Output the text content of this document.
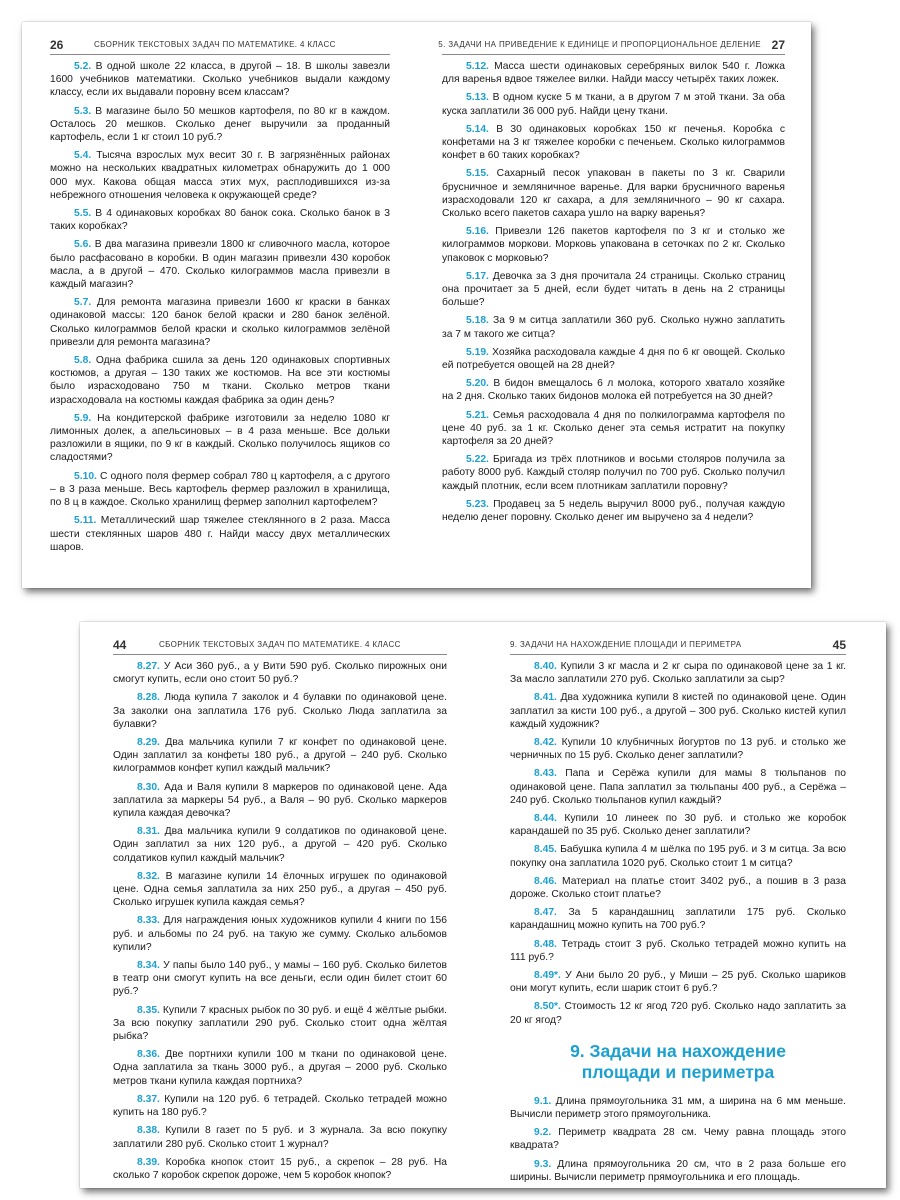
26	СБОРНИК ТЕКСТОВЫХ ЗАДАЧ ПО МАТЕМАТИКЕ. 4 КЛАСС

5.2. В одной школе 22 класса, в другой – 18. В школы завезли 1600 учебников математики. Сколько учебников выдали каждому классу, если их выдавали поровну всем классам?

5.3. В магазине было 50 мешков картофеля, по 80 кг в каждом. Осталось 20 мешков. Сколько денег выручили за проданный картофель, если 1 кг стоил 10 руб.?

5.4. Тысяча взрослых мух весит 30 г. В загрязнённых районах можно на нескольких квадратных километрах обнаружить до 1 000 000 мух. Какова общая масса этих мух, расплодившихся из-за небрежного отношения человека к окружающей среде?

5.5. В 4 одинаковых коробках 80 банок сока. Сколько банок в 3 таких коробках?

5.6. В два магазина привезли 1800 кг сливочного масла, которое было расфасовано в коробки. В один магазин привезли 430 коробок масла, а в другой – 470. Сколько килограммов масла привезли в каждый магазин?

5.7. Для ремонта магазина привезли 1600 кг краски в банках одинаковой массы: 120 банок белой краски и 280 банок зелёной. Сколько килограммов белой краски и сколько килограммов зелёной привезли для ремонта магазина?

5.8. Одна фабрика сшила за день 120 одинаковых спортивных костюмов, а другая – 130 таких же костюмов. На все эти костюмы было израсходовано 750 м ткани. Сколько метров ткани израсходовала на костюмы каждая фабрика за один день?

5.9. На кондитерской фабрике изготовили за неделю 1080 кг лимонных долек, а апельсиновых – в 4 раза меньше. Все дольки разложили в ящики, по 9 кг в каждый. Сколько получилось ящиков со сладостями?

5.10. С одного поля фермер собрал 780 ц картофеля, а с другого – в 3 раза меньше. Весь картофель фермер разложил в хранилища, по 8 ц в каждое. Сколько хранилищ фермер заполнил картофелем?

5.11. Металлический шар тяжелее стеклянного в 2 раза. Масса шести стеклянных шаров 480 г. Найди массу двух металлических шаров.

5. ЗАДАЧИ НА ПРИВЕДЕНИЕ К ЕДИНИЦЕ И ПРОПОРЦИОНАЛЬНОЕ ДЕЛЕНИЕ 27

5.12. Масса шести одинаковых серебряных вилок 540 г. Ложка для варенья вдвое тяжелее вилки. Найди массу четырёх таких ложек.

5.13. В одном куске 5 м ткани, а в другом 7 м этой ткани. За оба куска заплатили 36 000 руб. Найди цену ткани.

5.14. В 30 одинаковых коробках 150 кг печенья. Коробка с конфетами на 3 кг тяжелее коробки с печеньем. Сколько килограммов конфет в 60 таких коробках?

5.15. Сахарный песок упакован в пакеты по 3 кг. Сварили брусничное и земляничное варенье. Для варки брусничного варенья израсходовали 120 кг сахара, а для земляничного – 90 кг сахара. Сколько всего пакетов сахара ушло на варку варенья?

5.16. Привезли 126 пакетов картофеля по 3 кг и столько же килограммов моркови. Морковь упакована в сеточках по 2 кг. Сколько упаковок с морковью?

5.17. Девочка за 3 дня прочитала 24 страницы. Сколько страниц она прочитает за 5 дней, если будет читать в день на 2 страницы больше?

5.18. За 9 м ситца заплатили 360 руб. Сколько нужно заплатить за 7 м такого же ситца?

5.19. Хозяйка расходовала каждые 4 дня по 6 кг овощей. Сколько ей потребуется овощей на 28 дней?

5.20. В бидон вмещалось 6 л молока, которого хватало хозяйке на 2 дня. Сколько таких бидонов молока ей потребуется на 30 дней?

5.21. Семья расходовала 4 дня по полкилограмма картофеля по цене 40 руб. за 1 кг. Сколько денег эта семья истратит на покупку картофеля за 20 дней?

5.22. Бригада из трёх плотников и восьми столяров получила за работу 8000 руб. Каждый столяр получил по 700 руб. Сколько получил каждый плотник, если всем плотникам заплатили поровну?

5.23. Продавец за 5 недель выручил 8000 руб., получая каждую неделю денег поровну. Сколько денег им выручено за 4 недели?

44	СБОРНИК ТЕКСТОВЫХ ЗАДАЧ ПО МАТЕМАТИКЕ. 4 КЛАСС

8.27. У Аси 360 руб., а у Вити 590 руб. Сколько пирожных они смогут купить, если оно стоит 50 руб.?

8.28. Люда купила 7 заколок и 4 булавки по одинаковой цене. За заколки она заплатила 176 руб. Сколько Люда заплатила за булавки?

8.29. Два мальчика купили 7 кг конфет по одинаковой цене. Один заплатил за конфеты 180 руб., а другой – 240 руб. Сколько килограммов конфет купил каждый мальчик?

8.30. Ада и Валя купили 8 маркеров по одинаковой цене. Ада заплатила за маркеры 54 руб., а Валя – 90 руб. Сколько маркеров купила каждая девочка?

8.31. Два мальчика купили 9 солдатиков по одинаковой цене. Один заплатил за них 120 руб., а другой – 420 руб. Сколько солдатиков купил каждый мальчик?

8.32. В магазине купили 14 ёлочных игрушек по одинаковой цене. Одна семья заплатила за них 250 руб., а другая – 450 руб. Сколько игрушек купила каждая семья?

8.33. Для награждения юных художников купили 4 книги по 156 руб. и альбомы по 24 руб. на такую же сумму. Сколько альбомов купили?

8.34. У папы было 140 руб., у мамы – 160 руб. Сколько билетов в театр они смогут купить на все деньги, если один билет стоит 60 руб.?

8.35. Купили 7 красных рыбок по 30 руб. и ещё 4 жёлтые рыбки. За всю покупку заплатили 290 руб. Сколько стоит одна жёлтая рыбка?

8.36. Две портнихи купили 100 м ткани по одинаковой цене. Одна заплатила за ткань 3000 руб., а другая – 2000 руб. Сколько метров ткани купила каждая портниха?

8.37. Купили на 120 руб. 6 тетрадей. Сколько тетрадей можно купить на 180 руб.?

8.38. Купили 8 газет по 5 руб. и 3 журнала. За всю покупку заплатили 280 руб. Сколько стоит 1 журнал?

8.39. Коробка кнопок стоит 15 руб., а скрепок – 28 руб. На сколько 7 коробок скрепок дороже, чем 5 коробок кнопок?

9. ЗАДАЧИ НА НАХОЖДЕНИЕ ПЛОЩАДИ И ПЕРИМЕТРА	45

8.40. Купили 3 кг масла и 2 кг сыра по одинаковой цене за 1 кг. За масло заплатили 270 руб. Сколько заплатили за сыр?

8.41. Два художника купили 8 кистей по одинаковой цене. Один заплатил за кисти 100 руб., а другой – 300 руб. Сколько кистей купил каждый художник?

8.42. Купили 10 клубничных йогуртов по 13 руб. и столько же черничных по 15 руб. Сколько денег заплатили?

8.43. Папа и Серёжа купили для мамы 8 тюльпанов по одинаковой цене. Папа заплатил за тюльпаны 400 руб., а Серёжа – 240 руб. Сколько тюльпанов купил каждый?

8.44. Купили 10 линеек по 30 руб. и столько же коробок карандашей по 35 руб. Сколько денег заплатили?

8.45. Бабушка купила 4 м шёлка по 195 руб. и 3 м ситца. За всю покупку она заплатила 1020 руб. Сколько стоит 1 м ситца?

8.46. Материал на платье стоит 3402 руб., а пошив в 3 раза дороже. Сколько стоит платье?

8.47. За 5 карандашниц заплатили 175 руб. Сколько карандашниц можно купить на 700 руб.?

8.48. Тетрадь стоит 3 руб. Сколько тетрадей можно купить на 111 руб.?

8.49*. У Ани было 20 руб., у Миши – 25 руб. Сколько шариков они могут купить, если шарик стоит 6 руб.?

8.50*. Стоимость 12 кг ягод 720 руб. Сколько надо заплатить за 20 кг ягод?

9. Задачи на нахождение
площади и периметра

9.1. Длина прямоугольника 31 мм, а ширина на 6 мм меньше. Вычисли периметр этого прямоугольника.

9.2. Периметр квадрата 28 см. Чему равна площадь этого квадрата?

9.3. Длина прямоугольника 20 см, что в 2 раза больше его ширины. Вычисли периметр прямоугольника и его площадь.
